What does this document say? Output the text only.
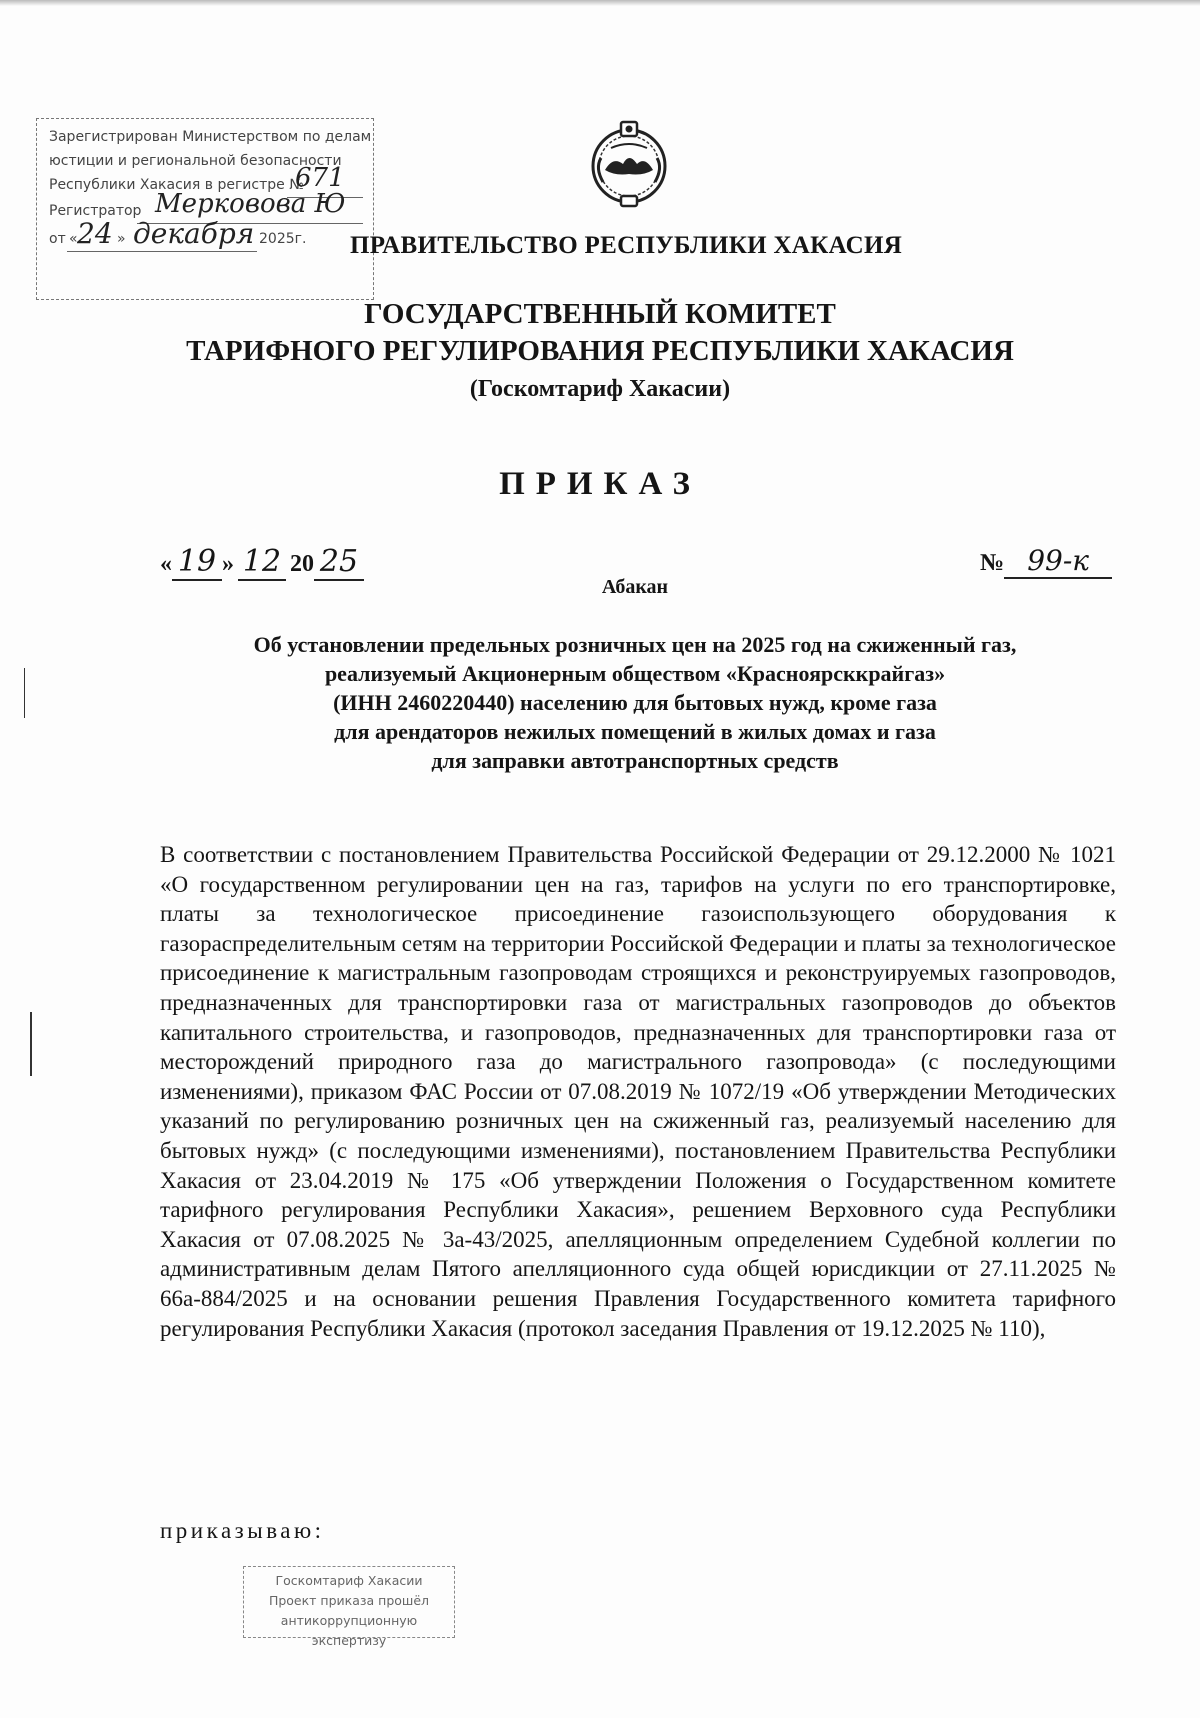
Зарегистрирован Министерством по делам
юстиции и региональной безопасности
Республики Хакасия в регистре №
671
Регистратор Мерковова Ю
от « 24 » декабря 2025г. ПРАВИТЕЛЬСТВО РЕСПУБЛИКИ ХАКАСИЯ
ГОСУДАРСТВЕННЫЙ КОМИТЕТ
ТАРИФНОГО РЕГУЛИРОВАНИЯ РЕСПУБЛИКИ ХАКАСИЯ
(Госкомтариф Хакасии)
ПРИКАЗ
« 19 » 12 20 25	№ 99-к
Абакан
Об установлении предельных розничных цен на 2025 год на сжиженный газ,
реализуемый Акционерным обществом «Красноярсккрайгаз»
(ИНН 2460220440) населению для бытовых нужд, кроме газа
для арендаторов нежилых помещений в жилых домах и газа
для заправки автотранспортных средств
В соответствии с постановлением Правительства Российской Федерации от 29.12.2000 № 1021 «О государственном регулировании цен на газ, тарифов на услуги по его транспортировке, платы за технологическое присоединение газоиспользующего оборудования к газораспределительным сетям на территории Российской Федерации и платы за технологическое присоединение к магистральным газопроводам строящихся и реконструируемых газопроводов, предназначенных для транспортировки газа от магистральных газопроводов до объектов капитального строительства, и газопроводов, предназначенных для транспортировки газа от месторождений природного газа до магистрального газопровода» (с последующими изменениями), приказом ФАС России от 07.08.2019 № 1072/19 «Об утверждении Методических указаний по регулированию розничных цен на сжиженный газ, реализуемый населению для бытовых нужд» (с последующими изменениями), постановлением Правительства Республики Хакасия от 23.04.2019 № 175 «Об утверждении Положения о Государственном комитете тарифного регулирования Республики Хакасия», решением Верховного суда Республики Хакасия от 07.08.2025 № 3а-43/2025, апелляционным определением Судебной коллегии по административным делам Пятого апелляционного суда общей юрисдикции от 27.11.2025 № 66а-884/2025 и на основании решения Правления Государственного комитета тарифного регулирования Республики Хакасия (протокол заседания Правления от 19.12.2025 № 110),
приказываю:
Госкомтариф Хакасии
Проект приказа прошёл
антикоррупционную экспертизу
